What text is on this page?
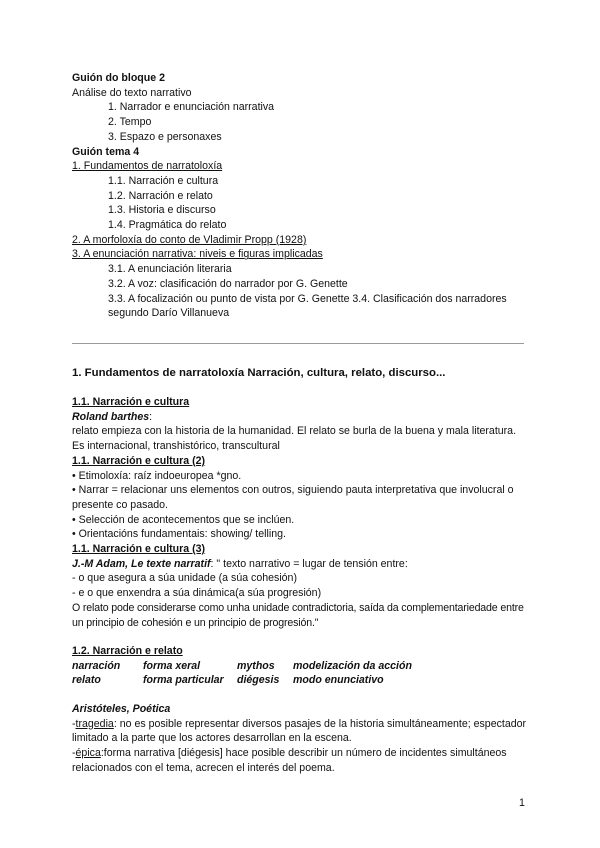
Guión do bloque 2
Análise do texto narrativo
1. Narrador e enunciación narrativa
2. Tempo
3. Espazo e personaxes
Guión tema 4
1. Fundamentos de narratoloxía
1.1. Narración e cultura
1.2. Narración e relato
1.3. Historia e discurso
1.4. Pragmática do relato
2. A morfoloxía do conto de Vladimir Propp (1928)
3. A enunciación narrativa: niveis e figuras implicadas
3.1. A enunciación literaria
3.2. A voz: clasificación do narrador por G. Genette
3.3. A focalización ou punto de vista por G. Genette 3.4. Clasificación dos narradores
segundo Darío Villanueva
1. Fundamentos de narratoloxía Narración, cultura, relato, discurso...
1.1. Narración e cultura
Roland barthes:
relato empieza con la historia de la humanidad. El relato se burla de la buena y mala literatura. Es internacional, transhistórico, transcultural
1.1. Narración e cultura (2)
• Etimoloxía: raíz indoeuropea *gno.
• Narrar = relacionar uns elementos con outros, siguiendo pauta interpretativa que involucral o presente co pasado.
• Selección de acontecementos que se inclúen.
• Orientacións fundamentais: showing/ telling.
1.1. Narración e cultura (3)
J.-M Adam, Le texte narratif: " texto narrativo = lugar de tensión entre:
- o que asegura a súa unidade (a súa cohesión)
- e o que enxendra a súa dinámica(a súa progresión)
O relato pode considerarse como unha unidade contradictoria, saída da complementariedade entre un principio de cohesión e un principio de progresión."
1.2. Narración e relato
narración	forma xeral	mythos	modelización da acción
relato	forma particular	diégesis	modo enunciativo
Aristóteles, Poética
-tragedia: no es posible representar diversos pasajes de la historia simultáneamente; espectador limitado a la parte que los actores desarrollan en la escena.
-épica:forma narrativa [diégesis] hace posible describir un número de incidentes simultáneos relacionados con el tema, acrecen el interés del poema.
1
